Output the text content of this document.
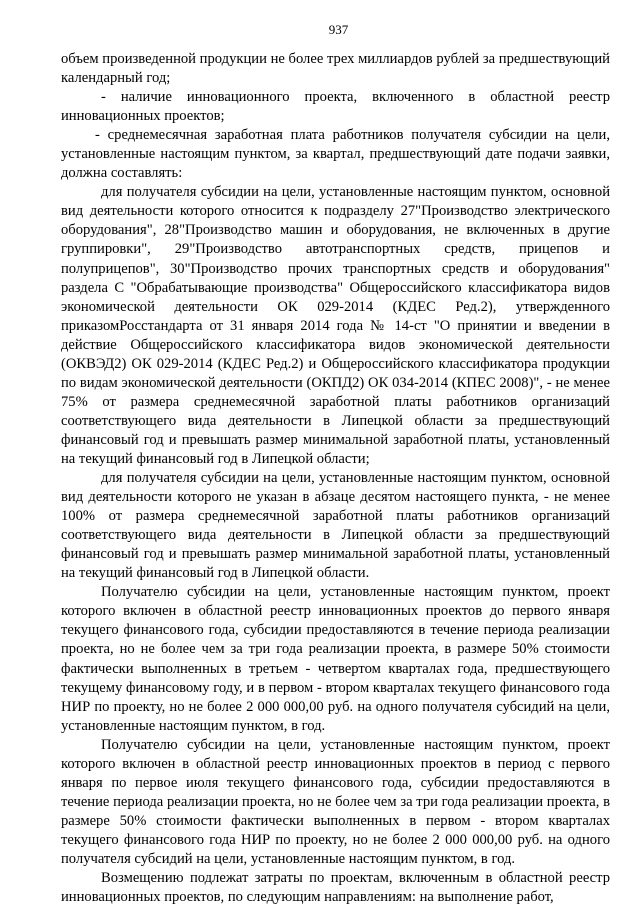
937

объем произведенной продукции не более трех миллиардов рублей за предшествующий календарный год;

- наличие инновационного проекта, включенного в областной реестр инновационных проектов;

- среднемесячная заработная плата работников получателя субсидии на цели, установленные настоящим пунктом, за квартал, предшествующий дате подачи заявки, должна составлять:

для получателя субсидии на цели, установленные настоящим пунктом, основной вид деятельности которого относится к подразделу 27"Производство электрического оборудования", 28"Производство машин и оборудования, не включенных в другие группировки", 29"Производство автотранспортных средств, прицепов и полуприцепов", 30"Производство прочих транспортных средств и оборудования" раздела C "Обрабатывающие производства" Общероссийского классификатора видов экономической деятельности ОК 029-2014 (КДЕС Ред.2), утвержденного приказомРосстандарта от 31 января 2014 года № 14-ст "О принятии и введении в действие Общероссийского классификатора видов экономической деятельности (ОКВЭД2) ОК 029-2014 (КДЕС Ред.2) и Общероссийского классификатора продукции по видам экономической деятельности (ОКПД2) ОК 034-2014 (КПЕС 2008)", - не менее 75% от размера среднемесячной заработной платы работников организаций соответствующего вида деятельности в Липецкой области за предшествующий финансовый год и превышать размер минимальной заработной платы, установленный на текущий финансовый год в Липецкой области;

для получателя субсидии на цели, установленные настоящим пунктом, основной вид деятельности которого не указан в абзаце десятом настоящего пункта, - не менее 100% от размера среднемесячной заработной платы работников организаций соответствующего вида деятельности в Липецкой области за предшествующий финансовый год и превышать размер минимальной заработной платы, установленный на текущий финансовый год в Липецкой области.

Получателю субсидии на цели, установленные настоящим пунктом, проект которого включен в областной реестр инновационных проектов до первого января текущего финансового года, субсидии предоставляются в течение периода реализации проекта, но не более чем за три года реализации проекта, в размере 50% стоимости фактически выполненных в третьем - четвертом кварталах года, предшествующего текущему финансовому году, и в первом - втором кварталах текущего финансового года НИР по проекту, но не более 2 000 000,00 руб. на одного получателя субсидий на цели, установленные настоящим пунктом, в год.

Получателю субсидии на цели, установленные настоящим пунктом, проект которого включен в областной реестр инновационных проектов в период с первого января по первое июля текущего финансового года, субсидии предоставляются в течение периода реализации проекта, но не более чем за три года реализации проекта, в размере 50% стоимости фактически выполненных в первом - втором кварталах текущего финансового года НИР по проекту, но не более 2 000 000,00 руб. на одного получателя субсидий на цели, установленные настоящим пунктом, в год.

Возмещению подлежат затраты по проектам, включенным в областной реестр инновационных проектов, по следующим направлениям: на выполнение работ,
